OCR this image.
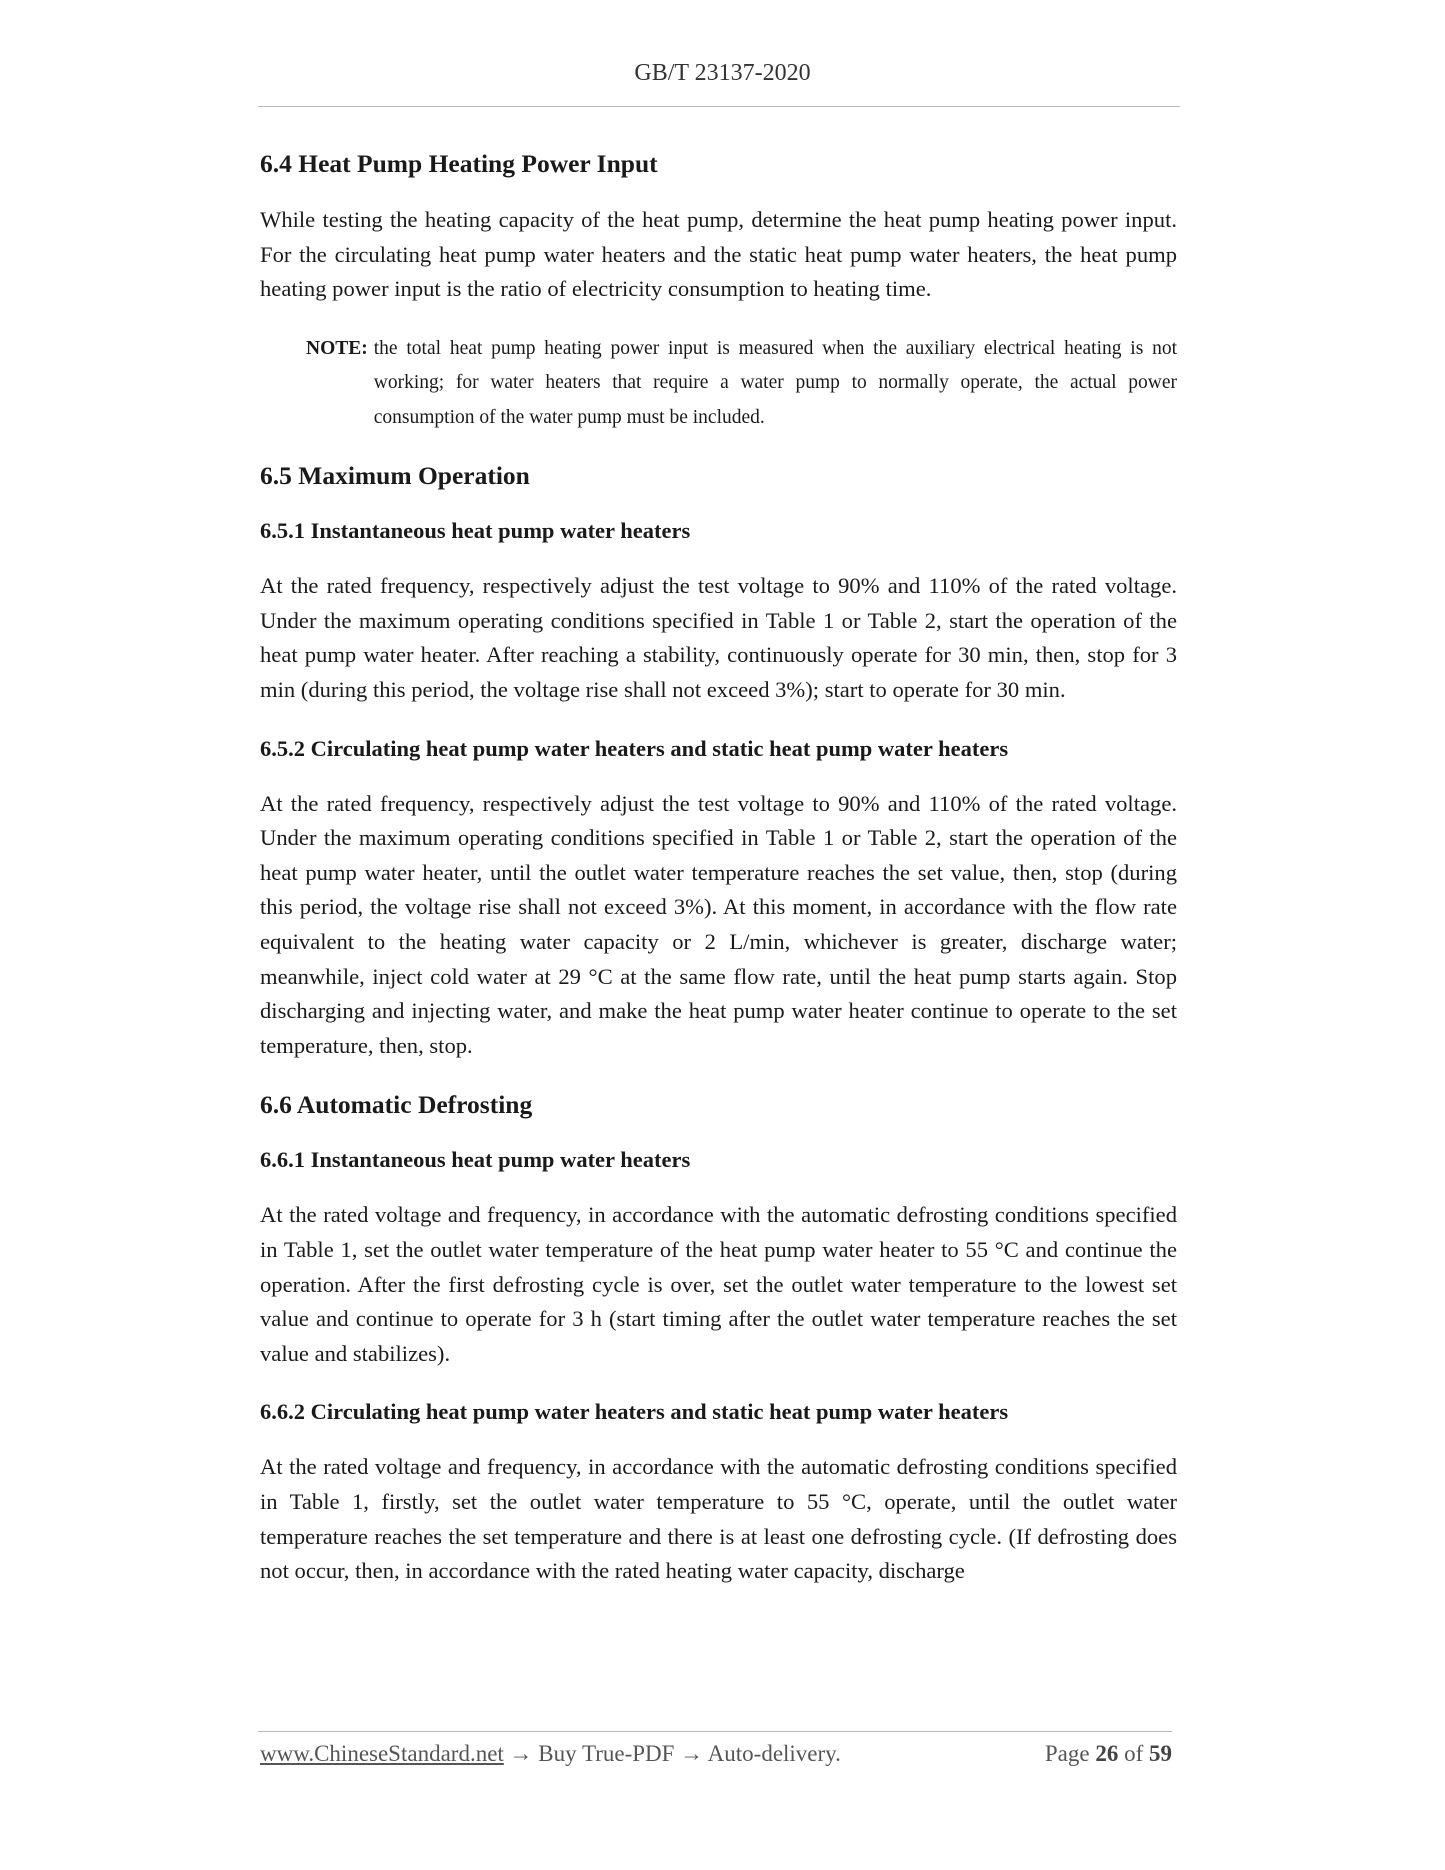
GB/T 23137-2020
6.4 Heat Pump Heating Power Input

While testing the heating capacity of the heat pump, determine the heat pump heating power input. For the circulating heat pump water heaters and the static heat pump water heaters, the heat pump heating power input is the ratio of electricity consumption to heating time.

NOTE: the total heat pump heating power input is measured when the auxiliary electrical heating is not working; for water heaters that require a water pump to normally operate, the actual power consumption of the water pump must be included.
6.5 Maximum Operation
6.5.1 Instantaneous heat pump water heaters

At the rated frequency, respectively adjust the test voltage to 90% and 110% of the rated voltage. Under the maximum operating conditions specified in Table 1 or Table 2, start the operation of the heat pump water heater. After reaching a stability, continuously operate for 30 min, then, stop for 3 min (during this period, the voltage rise shall not exceed 3%); start to operate for 30 min.

6.5.2 Circulating heat pump water heaters and static heat pump water heaters

At the rated frequency, respectively adjust the test voltage to 90% and 110% of the rated voltage. Under the maximum operating conditions specified in Table 1 or Table 2, start the operation of the heat pump water heater, until the outlet water temperature reaches the set value, then, stop (during this period, the voltage rise shall not exceed 3%). At this moment, in accordance with the flow rate equivalent to the heating water capacity or 2 L/min, whichever is greater, discharge water; meanwhile, inject cold water at 29 °C at the same flow rate, until the heat pump starts again. Stop discharging and injecting water, and make the heat pump water heater continue to operate to the set temperature, then, stop.

6.6 Automatic Defrosting
6.6.1 Instantaneous heat pump water heaters

At the rated voltage and frequency, in accordance with the automatic defrosting conditions specified in Table 1, set the outlet water temperature of the heat pump water heater to 55 °C and continue the operation. After the first defrosting cycle is over, set the outlet water temperature to the lowest set value and continue to operate for 3 h (start timing after the outlet water temperature reaches the set value and stabilizes).

6.6.2 Circulating heat pump water heaters and static heat pump water heaters

At the rated voltage and frequency, in accordance with the automatic defrosting conditions specified in Table 1, firstly, set the outlet water temperature to 55 °C, operate, until the outlet water temperature reaches the set temperature and there is at least one defrosting cycle. (If defrosting does not occur, then, in accordance with the rated heating water capacity, discharge

www.ChineseStandard.net → Buy True-PDF → Auto-delivery.	Page 26 of 59
